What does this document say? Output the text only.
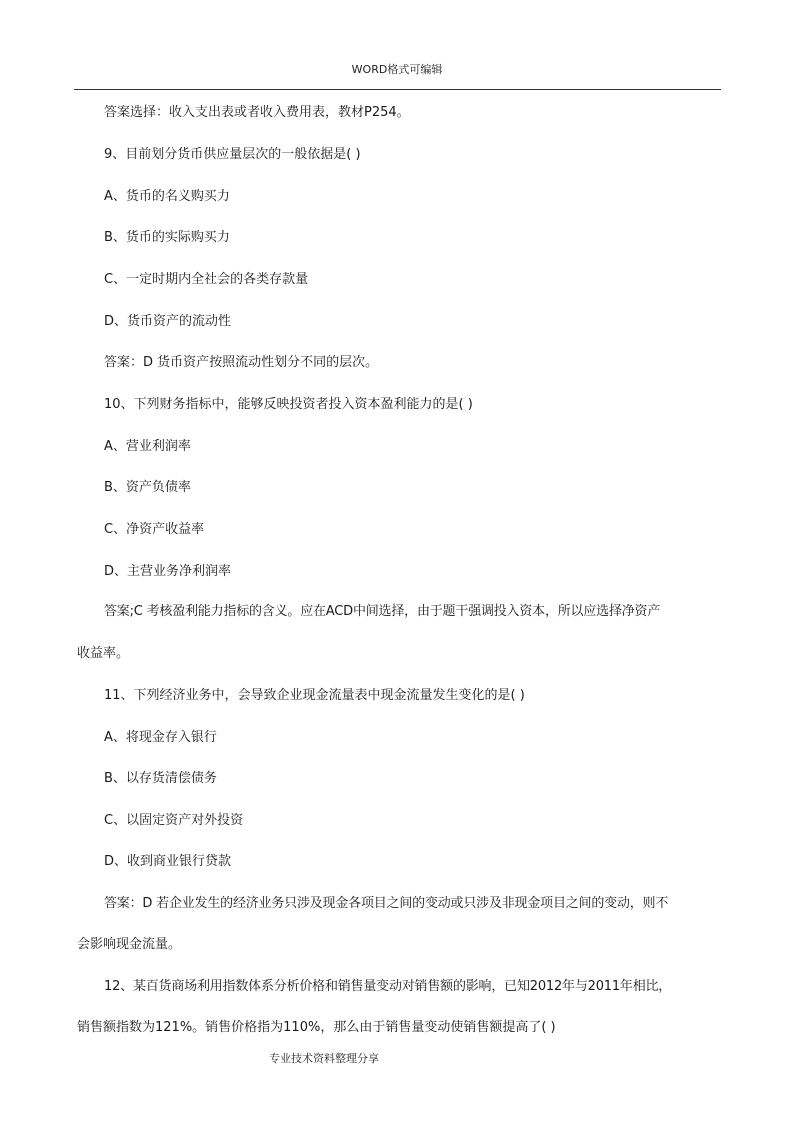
WORD格式可编辑
答案选择：收入支出表或者收入费用表，教材P254。
9、目前划分货币供应量层次的一般依据是( )
A、货币的名义购买力
B、货币的实际购买力
C、一定时期内全社会的各类存款量
D、货币资产的流动性
答案：D 货币资产按照流动性划分不同的层次。
10、下列财务指标中，能够反映投资者投入资本盈利能力的是( )
A、营业利润率
B、资产负债率
C、净资产收益率
D、主营业务净利润率
答案;C 考核盈利能力指标的含义。应在ACD中间选择，由于题干强调投入资本，所以应选择净资产
收益率。
11、下列经济业务中，会导致企业现金流量表中现金流量发生变化的是( )
A、将现金存入银行
B、以存货清偿债务
C、以固定资产对外投资
D、收到商业银行贷款
答案：D 若企业发生的经济业务只涉及现金各项目之间的变动或只涉及非现金项目之间的变动，则不
会影响现金流量。
12、某百货商场利用指数体系分析价格和销售量变动对销售额的影响，已知2012年与2011年相比，
销售额指数为121%。销售价格指为110%，那么由于销售量变动使销售额提高了( )
专业技术资料整理分享
